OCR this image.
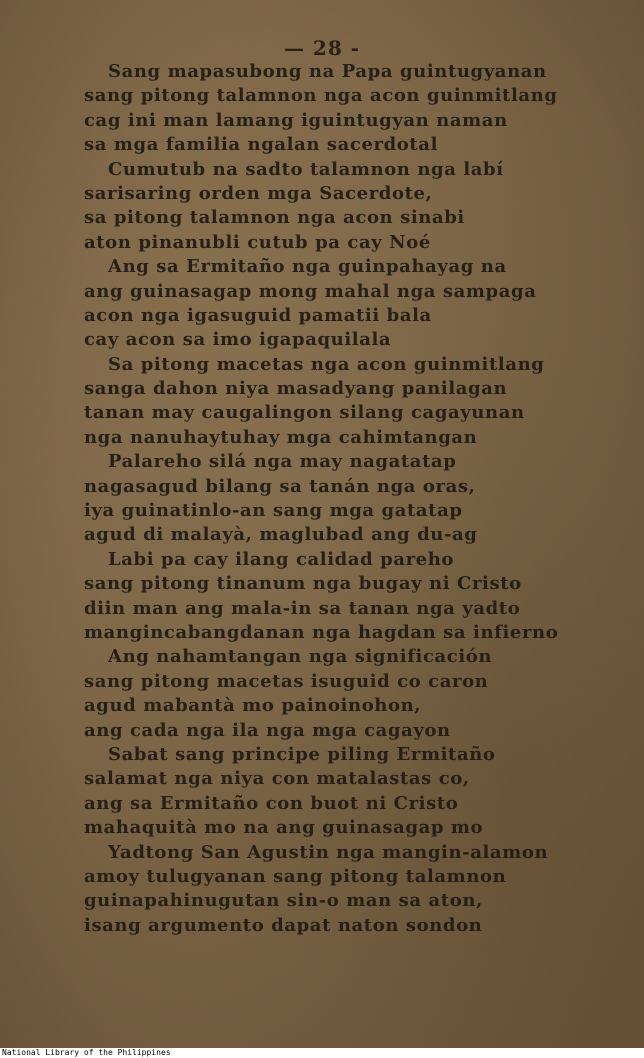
— 28 -
Sang mapasubong na Papa guintugyanan
sang pitong talamnon nga acon guinmitlang
cag ini man lamang iguintugyan naman
sa mga familia ngalan sacerdotal
Cumutub na sadto talamnon nga labí
sarisaring orden mga Sacerdote,
sa pitong talamnon nga acon sinabi
aton pinanubli cutub pa cay Noé
Ang sa Ermitaño nga guinpahayag na
ang guinasagap mong mahal nga sampaga
acon nga igasuguid pamatii bala
cay acon sa imo igapaquilala
Sa pitong macetas nga acon guinmitlang
sanga dahon niya masadyang panilagan
tanan may caugalingon silang cagayunan
nga nanuhaytuhay mga cahimtangan
Palareho silá nga may nagatatap
nagasagud bilang sa tanán nga oras,
iya guinatinlo-an sang mga gatatap
agud di malayà, maglubad ang du-ag
Labi pa cay ilang calidad pareho
sang pitong tinanum nga bugay ni Cristo
diin man ang mala-in sa tanan nga yadto
mangincabangdanan nga hagdan sa infierno
Ang nahamtangan nga significación
sang pitong macetas isuguid co caron
agud mabantà mo painoinohon,
ang cada nga ila nga mga cagayon
Sabat sang principe piling Ermitaño
salamat nga niya con matalastas co,
ang sa Ermitaño con buot ni Cristo
mahaquità mo na ang guinasagap mo
Yadtong San Agustin nga mangin-alamon
amoy tulugyanan sang pitong talamnon
guinapahinugutan sin-o man sa aton,
isang argumento dapat naton sondon
National Library of the Philippines
